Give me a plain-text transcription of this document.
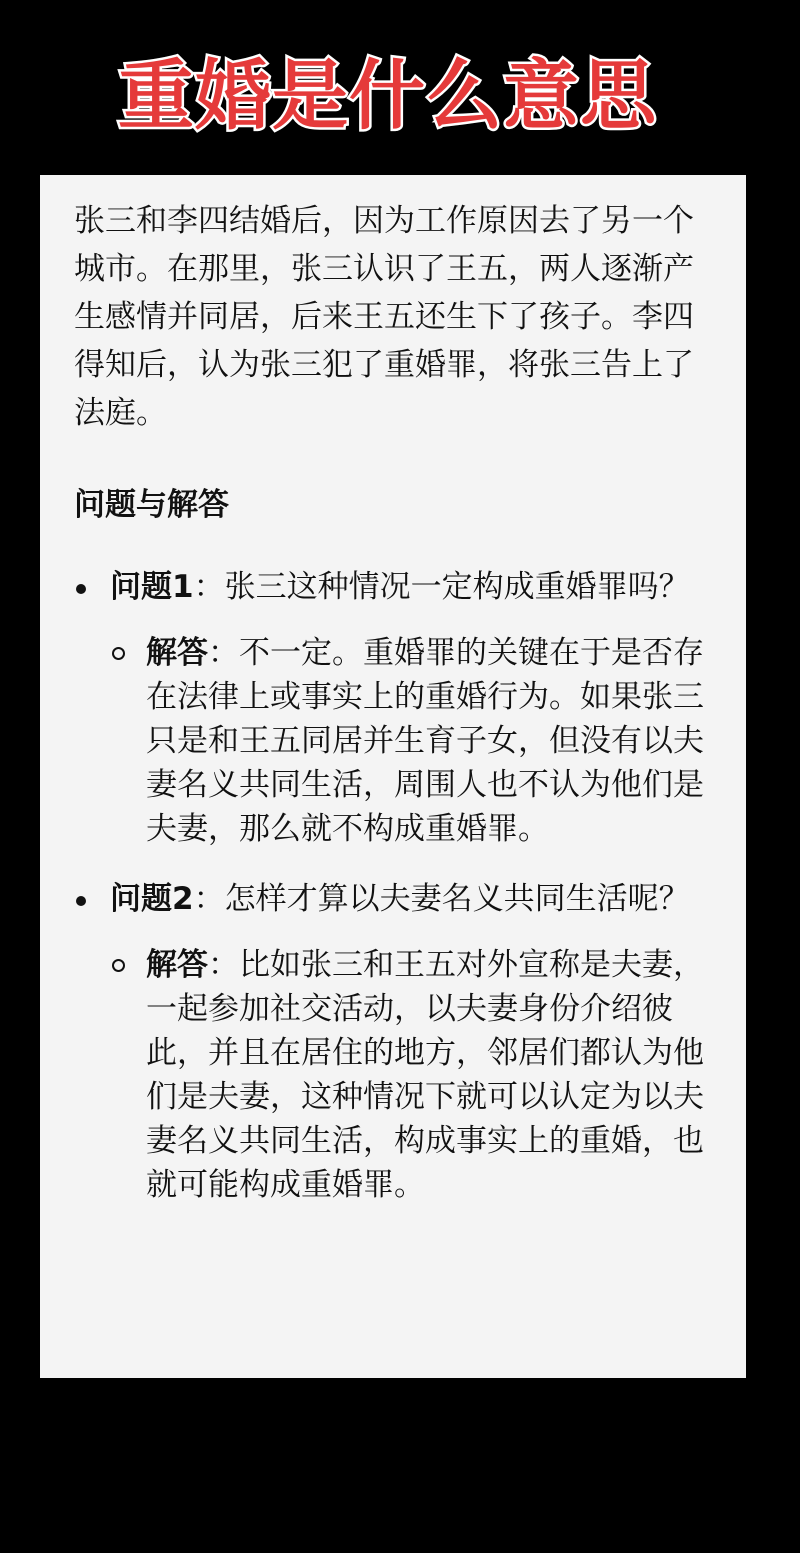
重婚是什么意思

张三和李四结婚后，因为工作原因去了另一个城市。在那里，张三认识了王五，两人逐渐产生感情并同居，后来王五还生下了孩子。李四得知后，认为张三犯了重婚罪，将张三告上了法庭。

问题与解答

问题1：张三这种情况一定构成重婚罪吗？

解答：不一定。重婚罪的关键在于是否存在法律上或事实上的重婚行为。如果张三只是和王五同居并生育子女，但没有以夫妻名义共同生活，周围人也不认为他们是夫妻，那么就不构成重婚罪。

问题2：怎样才算以夫妻名义共同生活呢？

解答：比如张三和王五对外宣称是夫妻，一起参加社交活动，以夫妻身份介绍彼此，并且在居住的地方，邻居们都认为他们是夫妻，这种情况下就可以认定为以夫妻名义共同生活，构成事实上的重婚，也就可能构成重婚罪。
